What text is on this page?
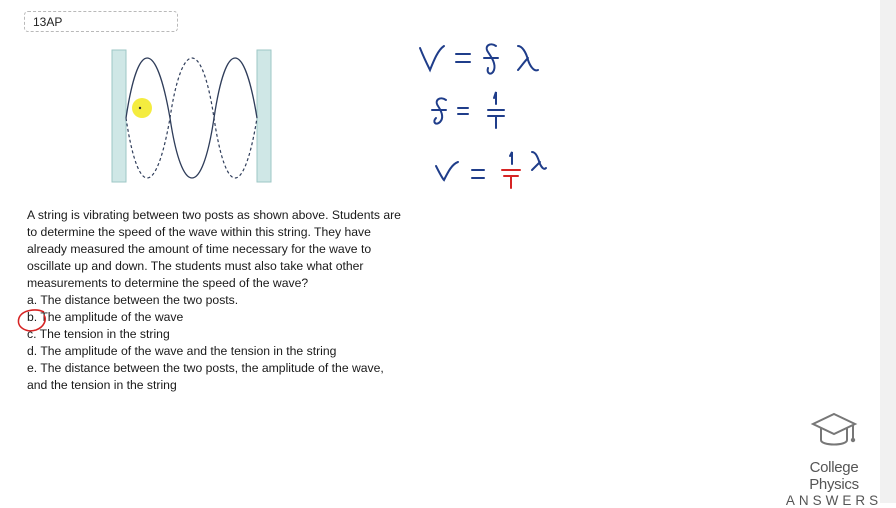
13AP

A string is vibrating between two posts as shown above. Students are to determine the speed of the wave within this string. They have already measured the amount of time necessary for the wave to oscillate up and down. The students must also take what other measurements to determine the speed of the wave?

a. The distance between the two posts.

b. The amplitude of the wave

c. The tension in the string

d. The amplitude of the wave and the tension in the string

e. The distance between the two posts, the amplitude of the wave, and the tension in the string

College Physics
ANSWERS
